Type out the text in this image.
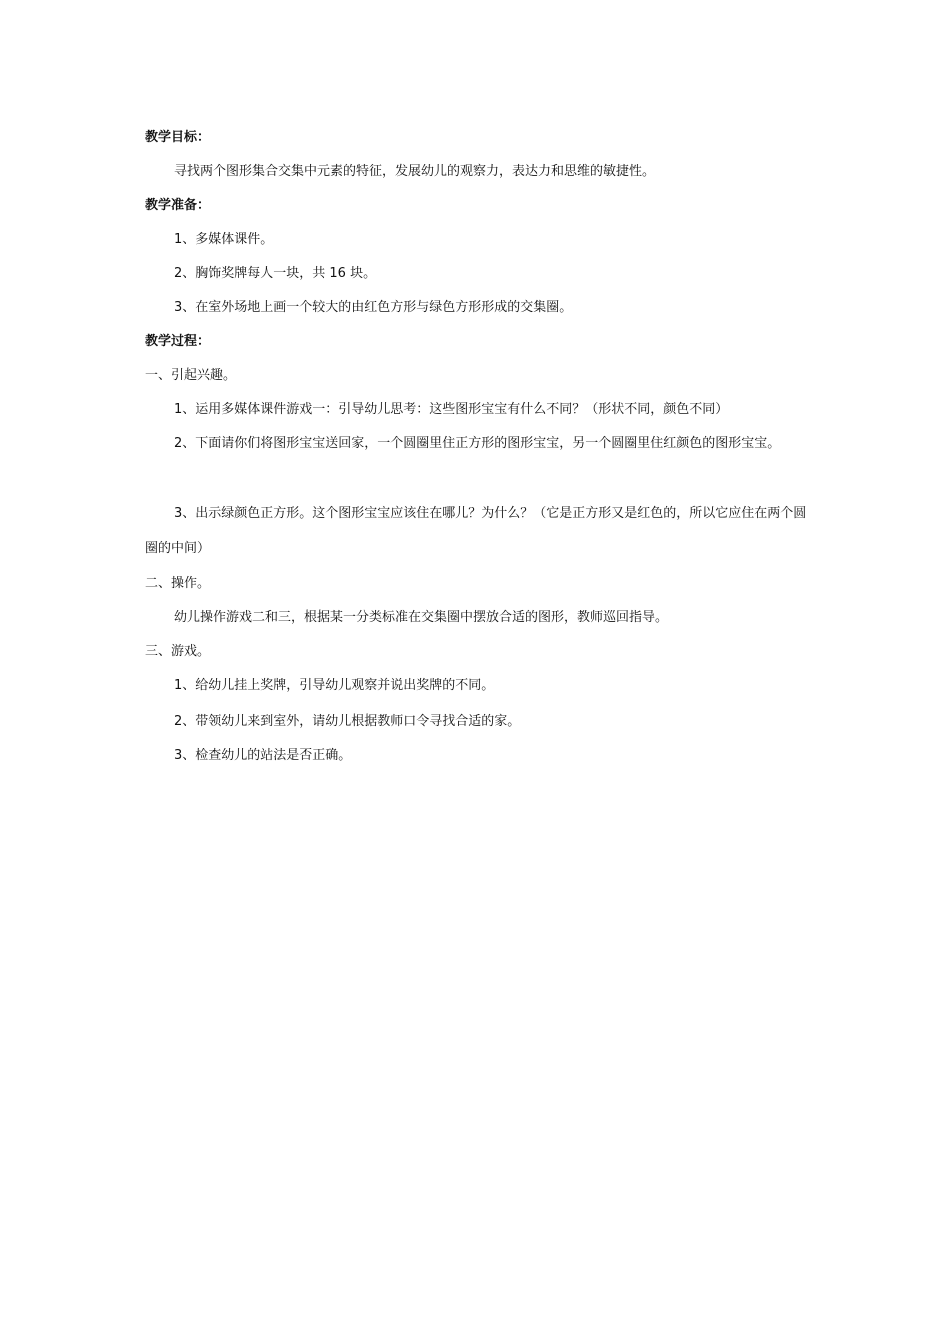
教学目标：
寻找两个图形集合交集中元素的特征，发展幼儿的观察力，表达力和思维的敏捷性。
教学准备：
1、多媒体课件。
2、胸饰奖牌每人一块，共 16 块。
3、在室外场地上画一个较大的由红色方形与绿色方形形成的交集圈。
教学过程：
一、引起兴趣。
1、运用多媒体课件游戏一：引导幼儿思考：这些图形宝宝有什么不同？（形状不同，颜色不同）
2、下面请你们将图形宝宝送回家，一个圆圈里住正方形的图形宝宝，另一个圆圈里住红颜色的图形宝宝。
3、出示绿颜色正方形。这个图形宝宝应该住在哪儿？为什么？（它是正方形又是红色的，所以它应住在两个圆圈的中间）
二、操作。
幼儿操作游戏二和三，根据某一分类标准在交集圈中摆放合适的图形，教师巡回指导。
三、游戏。
1、给幼儿挂上奖牌，引导幼儿观察并说出奖牌的不同。
2、带领幼儿来到室外，请幼儿根据教师口令寻找合适的家。
3、检查幼儿的站法是否正确。
